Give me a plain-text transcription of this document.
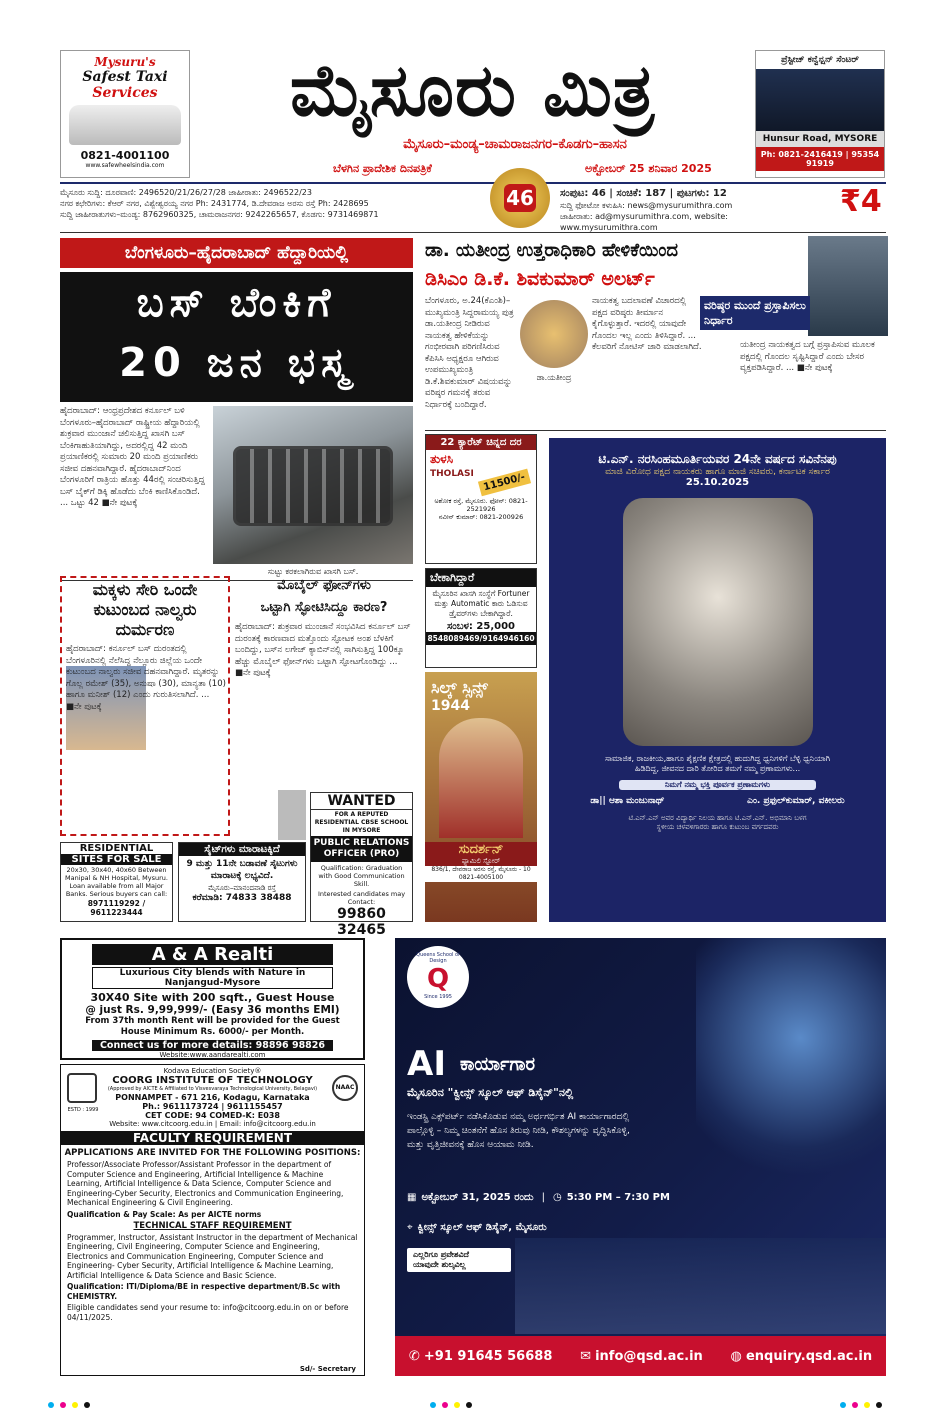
Mysuru's
Safest Taxi
Services
0821-4001100
www.safewheelsindia.com
ಮೈಸೂರು ಮಿತ್ರ
ಮೈಸೂರು–ಮಂಡ್ಯ–ಚಾಮರಾಜನಗರ–ಕೊಡಗು–ಹಾಸನ
ಬೆಳಗಿನ ಪ್ರಾದೇಶಿಕ ದಿನಪತ್ರಿಕೆ	ಅಕ್ಟೋಬರ್ 25 ಶನಿವಾರ 2025
ಪ್ರೆಸ್ಟೀಜ್ ಕನ್ವೆನ್ಷನ್ ಸೆಂಟರ್
Hunsur Road, MYSORE
Ph: 0821-2416419 | 95354 91919
ಮೈಸೂರು ಸುದ್ದಿ: ದೂರವಾಣಿ: 2496520/21/26/27/28 ಜಾಹೀರಾತು: 2496522/23
ನಗರ ಕಛೇರಿಗಳು: ಕೆಆರ್ ನಗರ, ವಿಶ್ವೇಶ್ವರಯ್ಯ ನಗರ Ph: 2431774, ಡಿ.ದೇವರಾಜ ಅರಸು ರಸ್ತೆ Ph: 2428695
ಸುದ್ದಿ ಜಾಹೀರಾತುಗಳು–ಮಂಡ್ಯ: 8762960325, ಚಾಮರಾಜನಗರ: 9242265657, ಕೊಡಗು: 9731469871
46	ಸಂಪುಟ: 46 | ಸಂಚಿಕೆ: 187 | ಪುಟಗಳು: 12
ಸುದ್ದಿ ಫೋಟೋ ಕಳುಹಿಸಿ: news@mysurumithra.com
ಜಾಹೀರಾತು: ad@mysurumithra.com, website: www.mysurumithra.com
₹4
ಬೆಂಗಳೂರು–ಹೈದರಾಬಾದ್ ಹೆದ್ದಾರಿಯಲ್ಲಿ
ಬಸ್ ಬೆಂಕಿಗೆ
20 ಜನ ಭಸ್ಮ
ಹೈದರಾಬಾದ್: ಆಂಧ್ರಪ್ರದೇಶದ ಕರ್ನೂಲ್ ಬಳಿ ಬೆಂಗಳೂರು–ಹೈದರಾಬಾದ್ ರಾಷ್ಟ್ರೀಯ ಹೆದ್ದಾರಿಯಲ್ಲಿ ಶುಕ್ರವಾರ ಮುಂಜಾನೆ ಚಲಿಸುತ್ತಿದ್ದ ಖಾಸಗಿ ಬಸ್ ಬೆಂಕಿಗಾಹುತಿಯಾಗಿದ್ದು, ಅದರಲ್ಲಿದ್ದ 42 ಮಂದಿ ಪ್ರಯಾಣಿಕರಲ್ಲಿ ಸುಮಾರು 20 ಮಂದಿ ಪ್ರಯಾಣಿಕರು ಸಜೀವ ದಹನವಾಗಿದ್ದಾರೆ. ಹೈದರಾಬಾದ್‌ನಿಂದ ಬೆಂಗಳೂರಿಗೆ ರಾತ್ರಿಯ ಹೊತ್ತು 44ರಲ್ಲಿ ಸಂಚರಿಸುತ್ತಿದ್ದ ಬಸ್ ಬೈಕ್‌ಗೆ ಡಿಕ್ಕಿ ಹೊಡೆದು ಬೆಂಕಿ ಕಾಣಿಸಿಕೊಂಡಿದೆ. ... ಒಟ್ಟು 42 ■ನೇ ಪುಟಕ್ಕೆ
ಸುಟ್ಟು ಕರಕಲಾಗಿರುವ ಖಾಸಗಿ ಬಸ್.
ಮಕ್ಕಳು ಸೇರಿ ಒಂದೇ ಕುಟುಂಬದ ನಾಲ್ವರು ದುರ್ಮರಣ
ಹೈದರಾಬಾದ್: ಕರ್ನೂಲ್ ಬಸ್ ದುರಂತದಲ್ಲಿ ಬೆಂಗಳೂರಿನಲ್ಲಿ ನೆಲೆಸಿದ್ದ ನೆಲ್ಲೂರು ಜಿಲ್ಲೆಯ ಒಂದೇ ಕುಟುಂಬದ ನಾಲ್ವರು ಸಜೀವ ದಹನವಾಗಿದ್ದಾರೆ. ಮೃತರನ್ನು ಗೊಲ್ಲ ರಮೇಶ್ (35), ಅನುಷಾ (30), ಮಾನ್ಯತಾ (10) ಹಾಗೂ ಮನೀಶ್ (12) ಎಂದು ಗುರುತಿಸಲಾಗಿದೆ. ... ■ನೇ ಪುಟಕ್ಕೆ
ಮೊಬೈಲ್ ಫೋನ್‌ಗಳು
ಒಟ್ಟಾಗಿ ಸ್ಫೋಟಿಸಿದ್ದೂ ಕಾರಣ?
ಹೈದರಾಬಾದ್: ಶುಕ್ರವಾರ ಮುಂಜಾನೆ ಸಂಭವಿಸಿದ ಕರ್ನೂಲ್ ಬಸ್ ದುರಂತಕ್ಕೆ ಕಾರಣವಾದ ಮತ್ತೊಂದು ಸ್ಫೋಟಕ ಅಂಶ ಬೆಳಕಿಗೆ ಬಂದಿದ್ದು, ಬಸ್‌ನ ಲಗೇಜ್ ಕ್ಯಾಬಿನ್‌ನಲ್ಲಿ ಸಾಗಿಸುತ್ತಿದ್ದ 100ಕ್ಕೂ ಹೆಚ್ಚು ಮೊಬೈಲ್ ಫೋನ್‌ಗಳು ಒಟ್ಟಾಗಿ ಸ್ಫೋಟಗೊಂಡಿದ್ದು ... ■ನೇ ಪುಟಕ್ಕೆ
WANTED
FOR A REPUTED RESIDENTIAL CBSE SCHOOL IN MYSORE
PUBLIC RELATIONS OFFICER (PRO)
Qualification: Graduation with Good Communication Skill.
Interested candidates may Contact:
99860 32465
RESIDENTIAL
SITES FOR SALE
20x30, 30x40, 40x60 Between Manipal & NH Hospital, Mysuru. Loan available from all Major Banks. Serious buyers can call:
8971119292 / 9611223444
ಸೈಟ್‌ಗಳು ಮಾರಾಟಕ್ಕಿದೆ
9 ಮತ್ತು 11ನೇ ಬಡಾವಣೆ ಸೈಟುಗಳು ಮಾರಾಟಕ್ಕೆ ಲಭ್ಯವಿದೆ.
ಮೈಸೂರು–ಮಾನಂದವಾಡಿ ರಸ್ತೆ
ಕರೆಮಾಡಿ: 74833 38488
ಡಾ. ಯತೀಂದ್ರ ಉತ್ತರಾಧಿಕಾರಿ ಹೇಳಿಕೆಯಿಂದ
ಡಿಸಿಎಂ ಡಿ.ಕೆ. ಶಿವಕುಮಾರ್ ಅಲರ್ಟ್
ವರಿಷ್ಠರ ಮುಂದೆ ಪ್ರಸ್ತಾಪಿಸಲು ನಿರ್ಧಾರ
ಬೆಂಗಳೂರು, ಅ.24(ಕೆಎಂಶಿ)– ಮುಖ್ಯಮಂತ್ರಿ ಸಿದ್ದರಾಮಯ್ಯ ಪುತ್ರ ಡಾ.ಯತೀಂದ್ರ ನೀಡಿರುವ ನಾಯಕತ್ವ ಹೇಳಿಕೆಯನ್ನು ಗಂಭೀರವಾಗಿ ಪರಿಗಣಿಸಿರುವ ಕೆಪಿಸಿಸಿ ಅಧ್ಯಕ್ಷರೂ ಆಗಿರುವ ಉಪಮುಖ್ಯಮಂತ್ರಿ ಡಿ.ಕೆ.ಶಿವಕುಮಾರ್ ವಿಷಯವನ್ನು ವರಿಷ್ಠರ ಗಮನಕ್ಕೆ ತರುವ ನಿರ್ಧಾರಕ್ಕೆ ಬಂದಿದ್ದಾರೆ.
ಡಾ.ಯತೀಂದ್ರ
ನಾಯಕತ್ವ ಬದಲಾವಣೆ ವಿಚಾರದಲ್ಲಿ ಪಕ್ಷದ ವರಿಷ್ಠರು ತೀರ್ಮಾನ ಕೈಗೊಳ್ಳುತ್ತಾರೆ. ಇದರಲ್ಲಿ ಯಾವುದೇ ಗೊಂದಲ ಇಲ್ಲ ಎಂದು ತಿಳಿಸಿದ್ದಾರೆ. ... ಕೆಲವರಿಗೆ ನೋಟಿಸ್ ಜಾರಿ ಮಾಡಲಾಗಿದೆ.	ಯತೀಂದ್ರ ನಾಯಕತ್ವದ ಬಗ್ಗೆ ಪ್ರಸ್ತಾಪಿಸುವ ಮೂಲಕ ಪಕ್ಷದಲ್ಲಿ ಗೊಂದಲ ಸೃಷ್ಟಿಸಿದ್ದಾರೆ ಎಂದು ಬೇಸರ ವ್ಯಕ್ತಪಡಿಸಿದ್ದಾರೆ. ... ■ನೇ ಪುಟಕ್ಕೆ
22 ಕ್ಯಾರೆಟ್ ಚಿನ್ನದ ದರ
ತುಳಸಿ
THOLASI 11500/-
ಅಶೋಕ ರಸ್ತೆ, ಮೈಸೂರು. ಫೋನ್: 0821-2521926
ನವೀನ್ ಕುಮಾರ್: 0821-200926
ಬೇಕಾಗಿದ್ದಾರೆ
ಮೈಸೂರಿನ ಖಾಸಗಿ ಸಂಸ್ಥೆಗೆ Fortuner ಮತ್ತು Automatic ಕಾರು ಓಡಿಸುವ ಡ್ರೈವರ್‌ಗಳು ಬೇಕಾಗಿದ್ದಾರೆ.
ಸಂಬಳ: 25,000
8548089469/9164946160
ಸಿಲ್ಕ್ ಸ್ಸಿನ್ಸ್
1944
ಸುದರ್ಶನ್
ಫ್ಯಾಮಿಲಿ ಸ್ಟೋರ್
836/1, ದೇವರಾಜ ಅರಸು ರಸ್ತೆ, ಮೈಸೂರು - 10
0821-4005100
ಟಿ.ಎನ್. ನರಸಿಂಹಮೂರ್ತಿಯವರ 24ನೇ ವರ್ಷದ ಸವಿನೆನಪು
ಮಾಜಿ ವಿರೋಧ ಪಕ್ಷದ ನಾಯಕರು ಹಾಗೂ ಮಾಜಿ ಸಚಿವರು, ಕರ್ನಾಟಕ ಸರ್ಕಾರ
25.10.2025
ಸಾಮಾಜಿಕ, ರಾಜಕೀಯ,ಹಾಗೂ ಶೈಕ್ಷಣಿಕ ಕ್ಷೇತ್ರದಲ್ಲಿ ಹುದುಗಿದ್ದ ಧ್ವನಿಗಳಿಗೆ ಬೆಳ್ಳಿ ಧ್ವನಿಯಾಗಿ
ಹಿಡಿದಿದ್ದ, ಜೀವನದ ದಾರಿ ತೋರಿದ ತಮಗೆ ನಮ್ಮ ಪ್ರಣಾಮಗಳು...
ನಿಮಗೆ ನಮ್ಮ ಭಕ್ತಿ ಪೂರ್ವಕ ಪ್ರಣಾಮಗಳು
ಡಾ|| ಆಶಾ ಮಂಜುನಾಥ್	ಎಂ. ಪ್ರಫುಲ್‌ಕುಮಾರ್, ವಕೀಲರು
ಟಿ.ಎನ್.ಎನ್ ಅವರ ವಿದ್ಯಾರ್ಥಿ ನಿಲಯ ಹಾಗೂ ಟಿ.ಎನ್.ಎನ್. ಅಭಿಮಾನಿ ಬಳಗ
ಸ್ಥಳೀಯ ಚಳವಳಿಗಾರರು ಹಾಗೂ ಕುಟುಂಬ ವರ್ಗದವರು
A & A Realti
Luxurious City blends with Nature in Nanjangud-Mysore
30X40 Site with 200 sqft., Guest House
@ just Rs. 9,99,999/- (Easy 36 months EMI)
From 37th month Rent will be provided for the Guest House Minimum Rs. 6000/- per Month.
Connect us for more details: 98896 98826
Website:www.aandarealti.com
ESTD : 1999
NAAC
Kodava Education Society®
COORG INSTITUTE OF TECHNOLOGY
(Approved by AICTE & Affiliated to Visvesvaraya Technological University, Belagavi)
PONNAMPET - 671 216, Kodagu, Karnataka
Ph.: 9611173724 | 9611155457
CET CODE: 94 COMED-K: E038
Website: www.citcoorg.edu.in | Email: info@citcoorg.edu.in
FACULTY REQUIREMENT
APPLICATIONS ARE INVITED FOR THE FOLLOWING POSITIONS:
Professor/Associate Professor/Assistant Professor in the department of Computer Science and Engineering, Artificial Intelligence & Machine Learning, Artificial Intelligence & Data Science, Computer Science and Engineering-Cyber Security, Electronics and Communication Engineering, Mechanical Engineering & Civil Engineering.
Qualification & Pay Scale: As per AICTE norms
TECHNICAL STAFF REQUIREMENT
Programmer, Instructor, Assistant Instructor in the department of Mechanical Engineering, Civil Engineering, Computer Science and Engineering, Electronics and Communication Engineering, Computer Science and Engineering- Cyber Security, Artificial Intelligence & Machine Learning, Artificial Intelligence & Data Science and Basic Science.
Qualification: ITI/Diploma/BE in respective department/B.Sc with CHEMISTRY.
Eligible candidates send your resume to: info@citcoorg.edu.in on or before 04/11/2025.
Sd/- Secretary
Queens School of Design
Q
Since 1995
AI ಕಾರ್ಯಾಗಾರ
ಮೈಸೂರಿನ "ಕ್ವೀನ್ಸ್ ಸ್ಕೂಲ್ ಆಫ್ ಡಿಸೈನ್"ನಲ್ಲಿ
ಇಂಡಸ್ಟ್ರಿ ಎಕ್ಸ್‌ಪರ್ಟ್ ನಡೆಸಿಕೊಡುವ ನಮ್ಮ ಅರ್ಥಗರ್ಭಿತ AI ಕಾರ್ಯಾಗಾರದಲ್ಲಿ
ಪಾಲ್ಗೊಳ್ಳಿ – ನಿಮ್ಮ ಚಿಂತನೆಗೆ ಹೊಸ ತಿರುವು ನೀಡಿ, ಕೌಶಲ್ಯಗಳನ್ನು ವೃದ್ಧಿಸಿಕೊಳ್ಳಿ,
ಮತ್ತು ವೃತ್ತಿಜೀವನಕ್ಕೆ ಹೊಸ ಆಯಾಮ ನೀಡಿ.
▦ ಅಕ್ಟೋಬರ್ 31, 2025 ರಂದು | ◷ 5:30 PM – 7:30 PM
⌖ ಕ್ವೀನ್ಸ್ ಸ್ಕೂಲ್ ಆಫ್ ಡಿಸೈನ್, ಮೈಸೂರು
ಎಲ್ಲರಿಗೂ ಪ್ರವೇಶವಿದೆ
ಯಾವುದೇ ಶುಲ್ಕವಿಲ್ಲ
✆ +91 91645 56688 ✉ info@qsd.ac.in ◍ enquiry.qsd.ac.in
